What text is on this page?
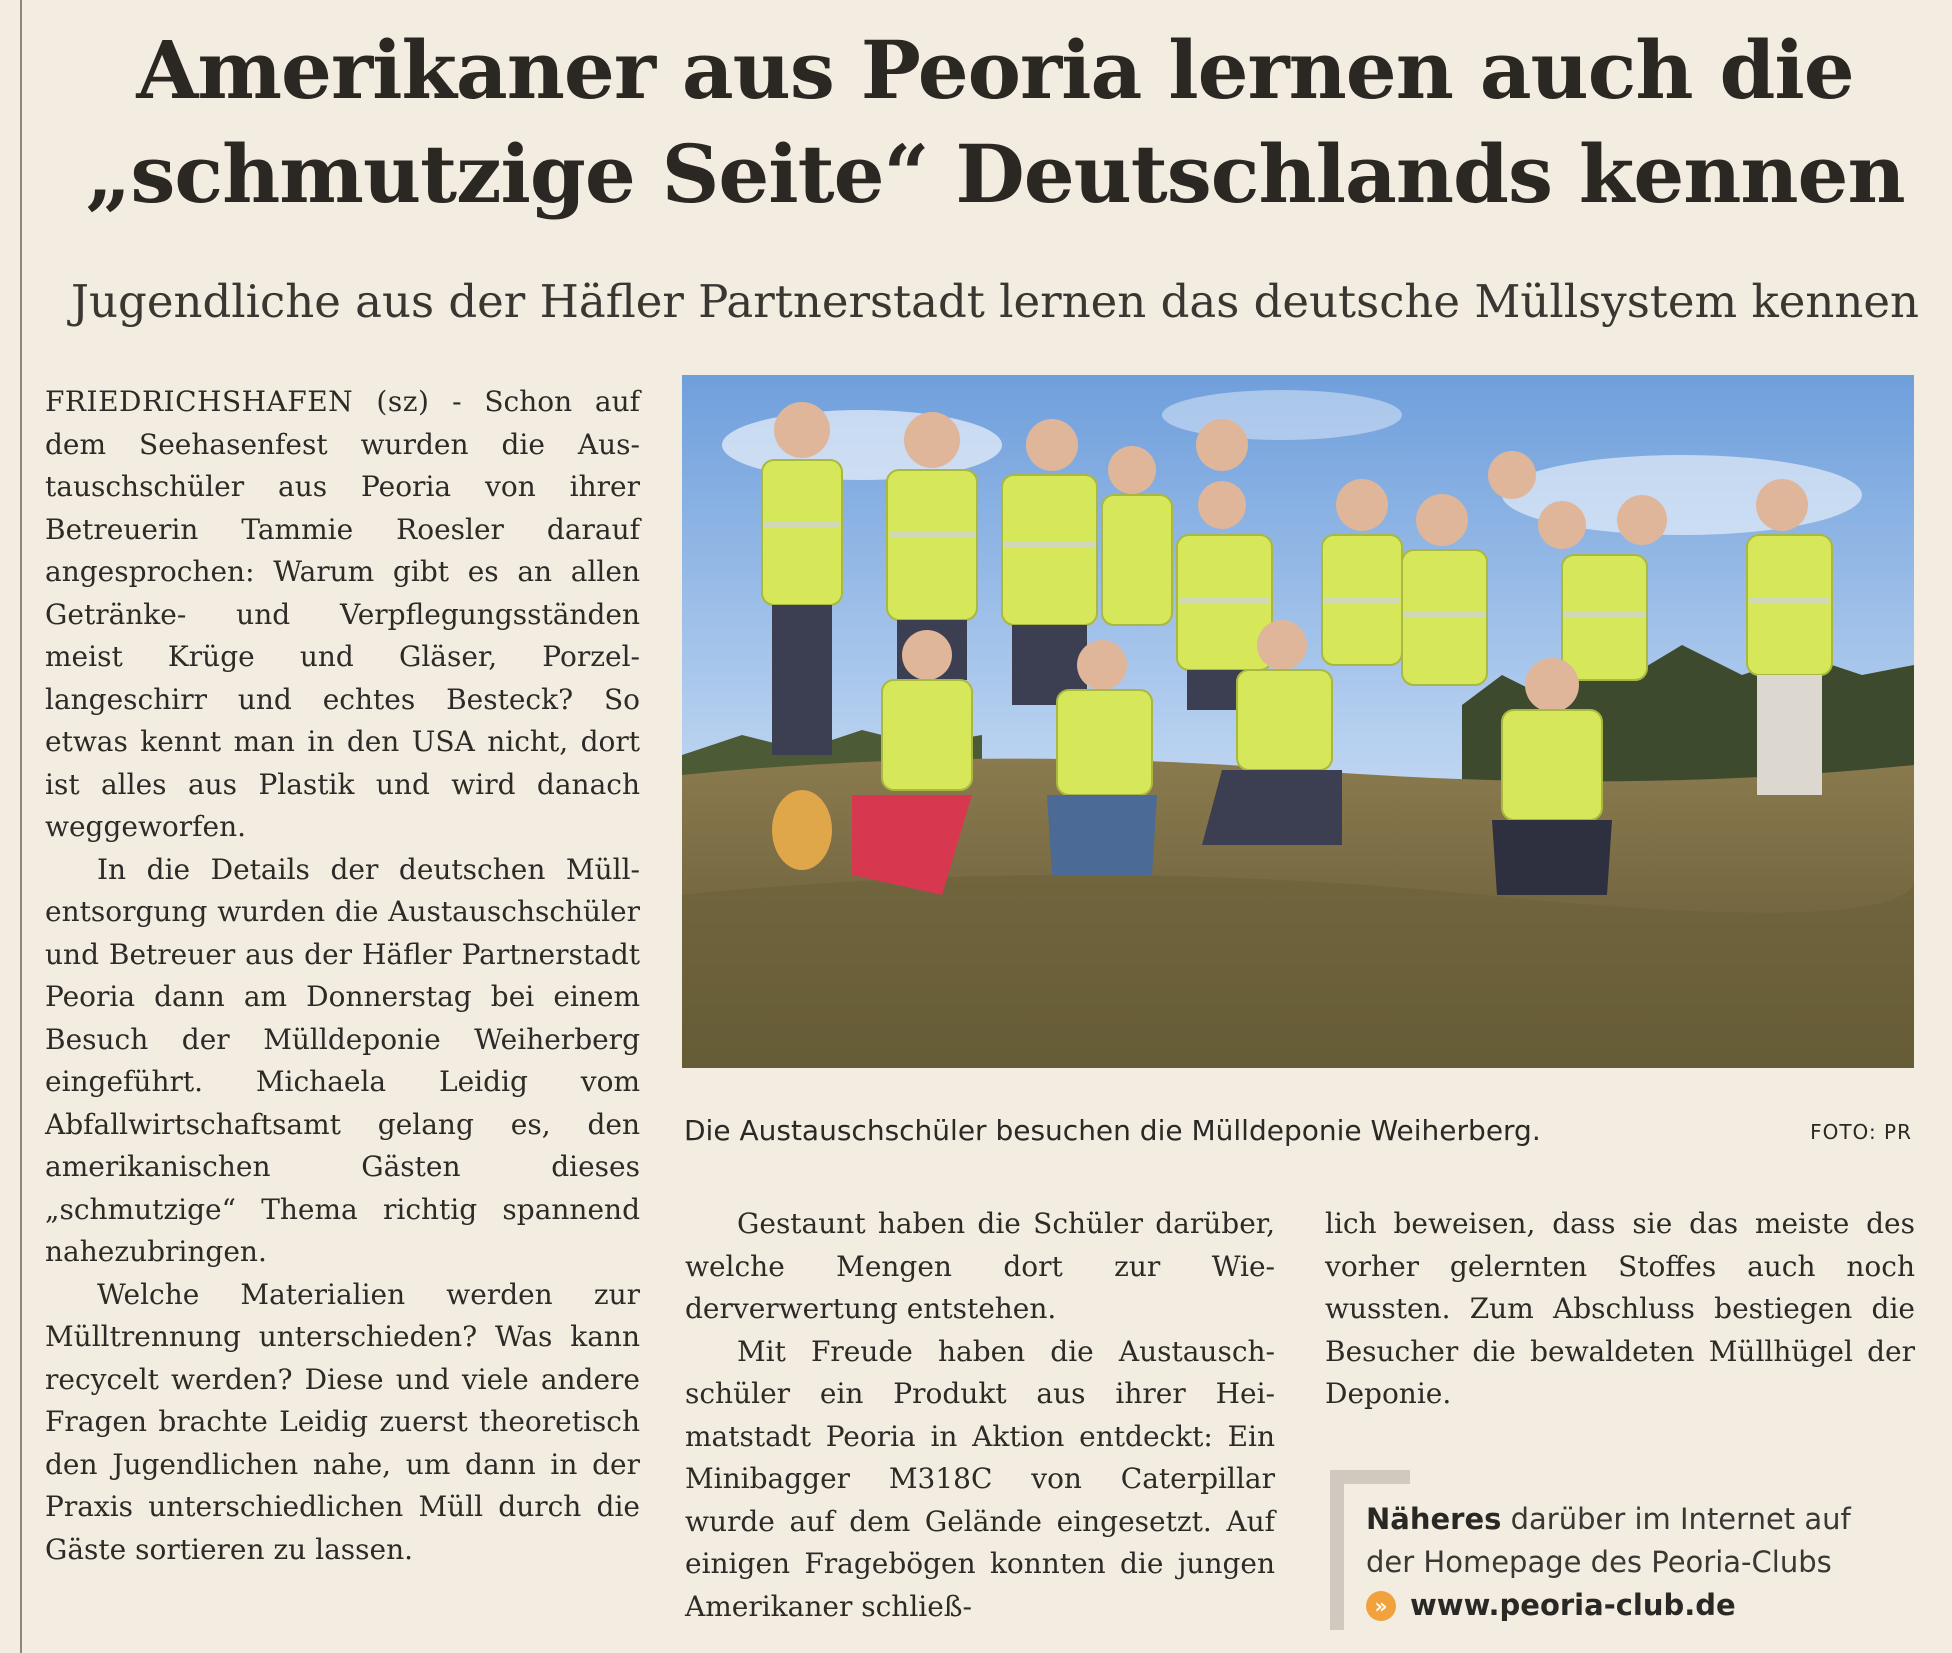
Amerikaner aus Peoria lernen auch die „schmutzige Seite“ Deutschlands kennen
Jugendliche aus der Häfler Partnerstadt lernen das deutsche Müllsystem kennen

FRIEDRICHSHAFEN (sz) - Schon auf dem Seehasenfest wurden die Austauschschüler aus Peoria von ihrer Betreuerin Tammie Roesler darauf angesprochen: Warum gibt es an allen Getränke- und Verpflegungsständen meist Krüge und Gläser, Porzellangeschirr und echtes Besteck? So etwas kennt man in den USA nicht, dort ist alles aus Plastik und wird danach weggeworfen.

In die Details der deutschen Müllentsorgung wurden die Austauschschüler und Betreuer aus der Häfler Partnerstadt Peoria dann am Donnerstag bei einem Besuch der Mülldeponie Weiherberg eingeführt. Michaela Leidig vom Abfallwirtschaftsamt gelang es, den amerikanischen Gästen dieses „schmutzige“ Thema richtig spannend nahezubringen.

Welche Materialien werden zur Mülltrennung unterschieden? Was kann recycelt werden? Diese und viele andere Fragen brachte Leidig zuerst theoretisch den Jugendlichen nahe, um dann in der Praxis unterschiedlichen Müll durch die Gäste sortieren zu lassen.

Die Austauschschüler besuchen die Mülldeponie Weiherberg.	FOTO: PR

Gestaunt haben die Schüler darüber, welche Mengen dort zur Wiederverwertung entstehen.

Mit Freude haben die Austauschschüler ein Produkt aus ihrer Heimatstadt Peoria in Aktion entdeckt: Ein Minibagger M318C von Caterpillar wurde auf dem Gelände eingesetzt. Auf einigen Fragebögen konnten die jungen Amerikaner schließ-

lich beweisen, dass sie das meiste des vorher gelernten Stoffes auch noch wussten. Zum Abschluss bestiegen die Besucher die bewaldeten Müllhügel der Deponie.

Näheres darüber im Internet auf
der Homepage des Peoria-Clubs
» www.peoria-club.de
